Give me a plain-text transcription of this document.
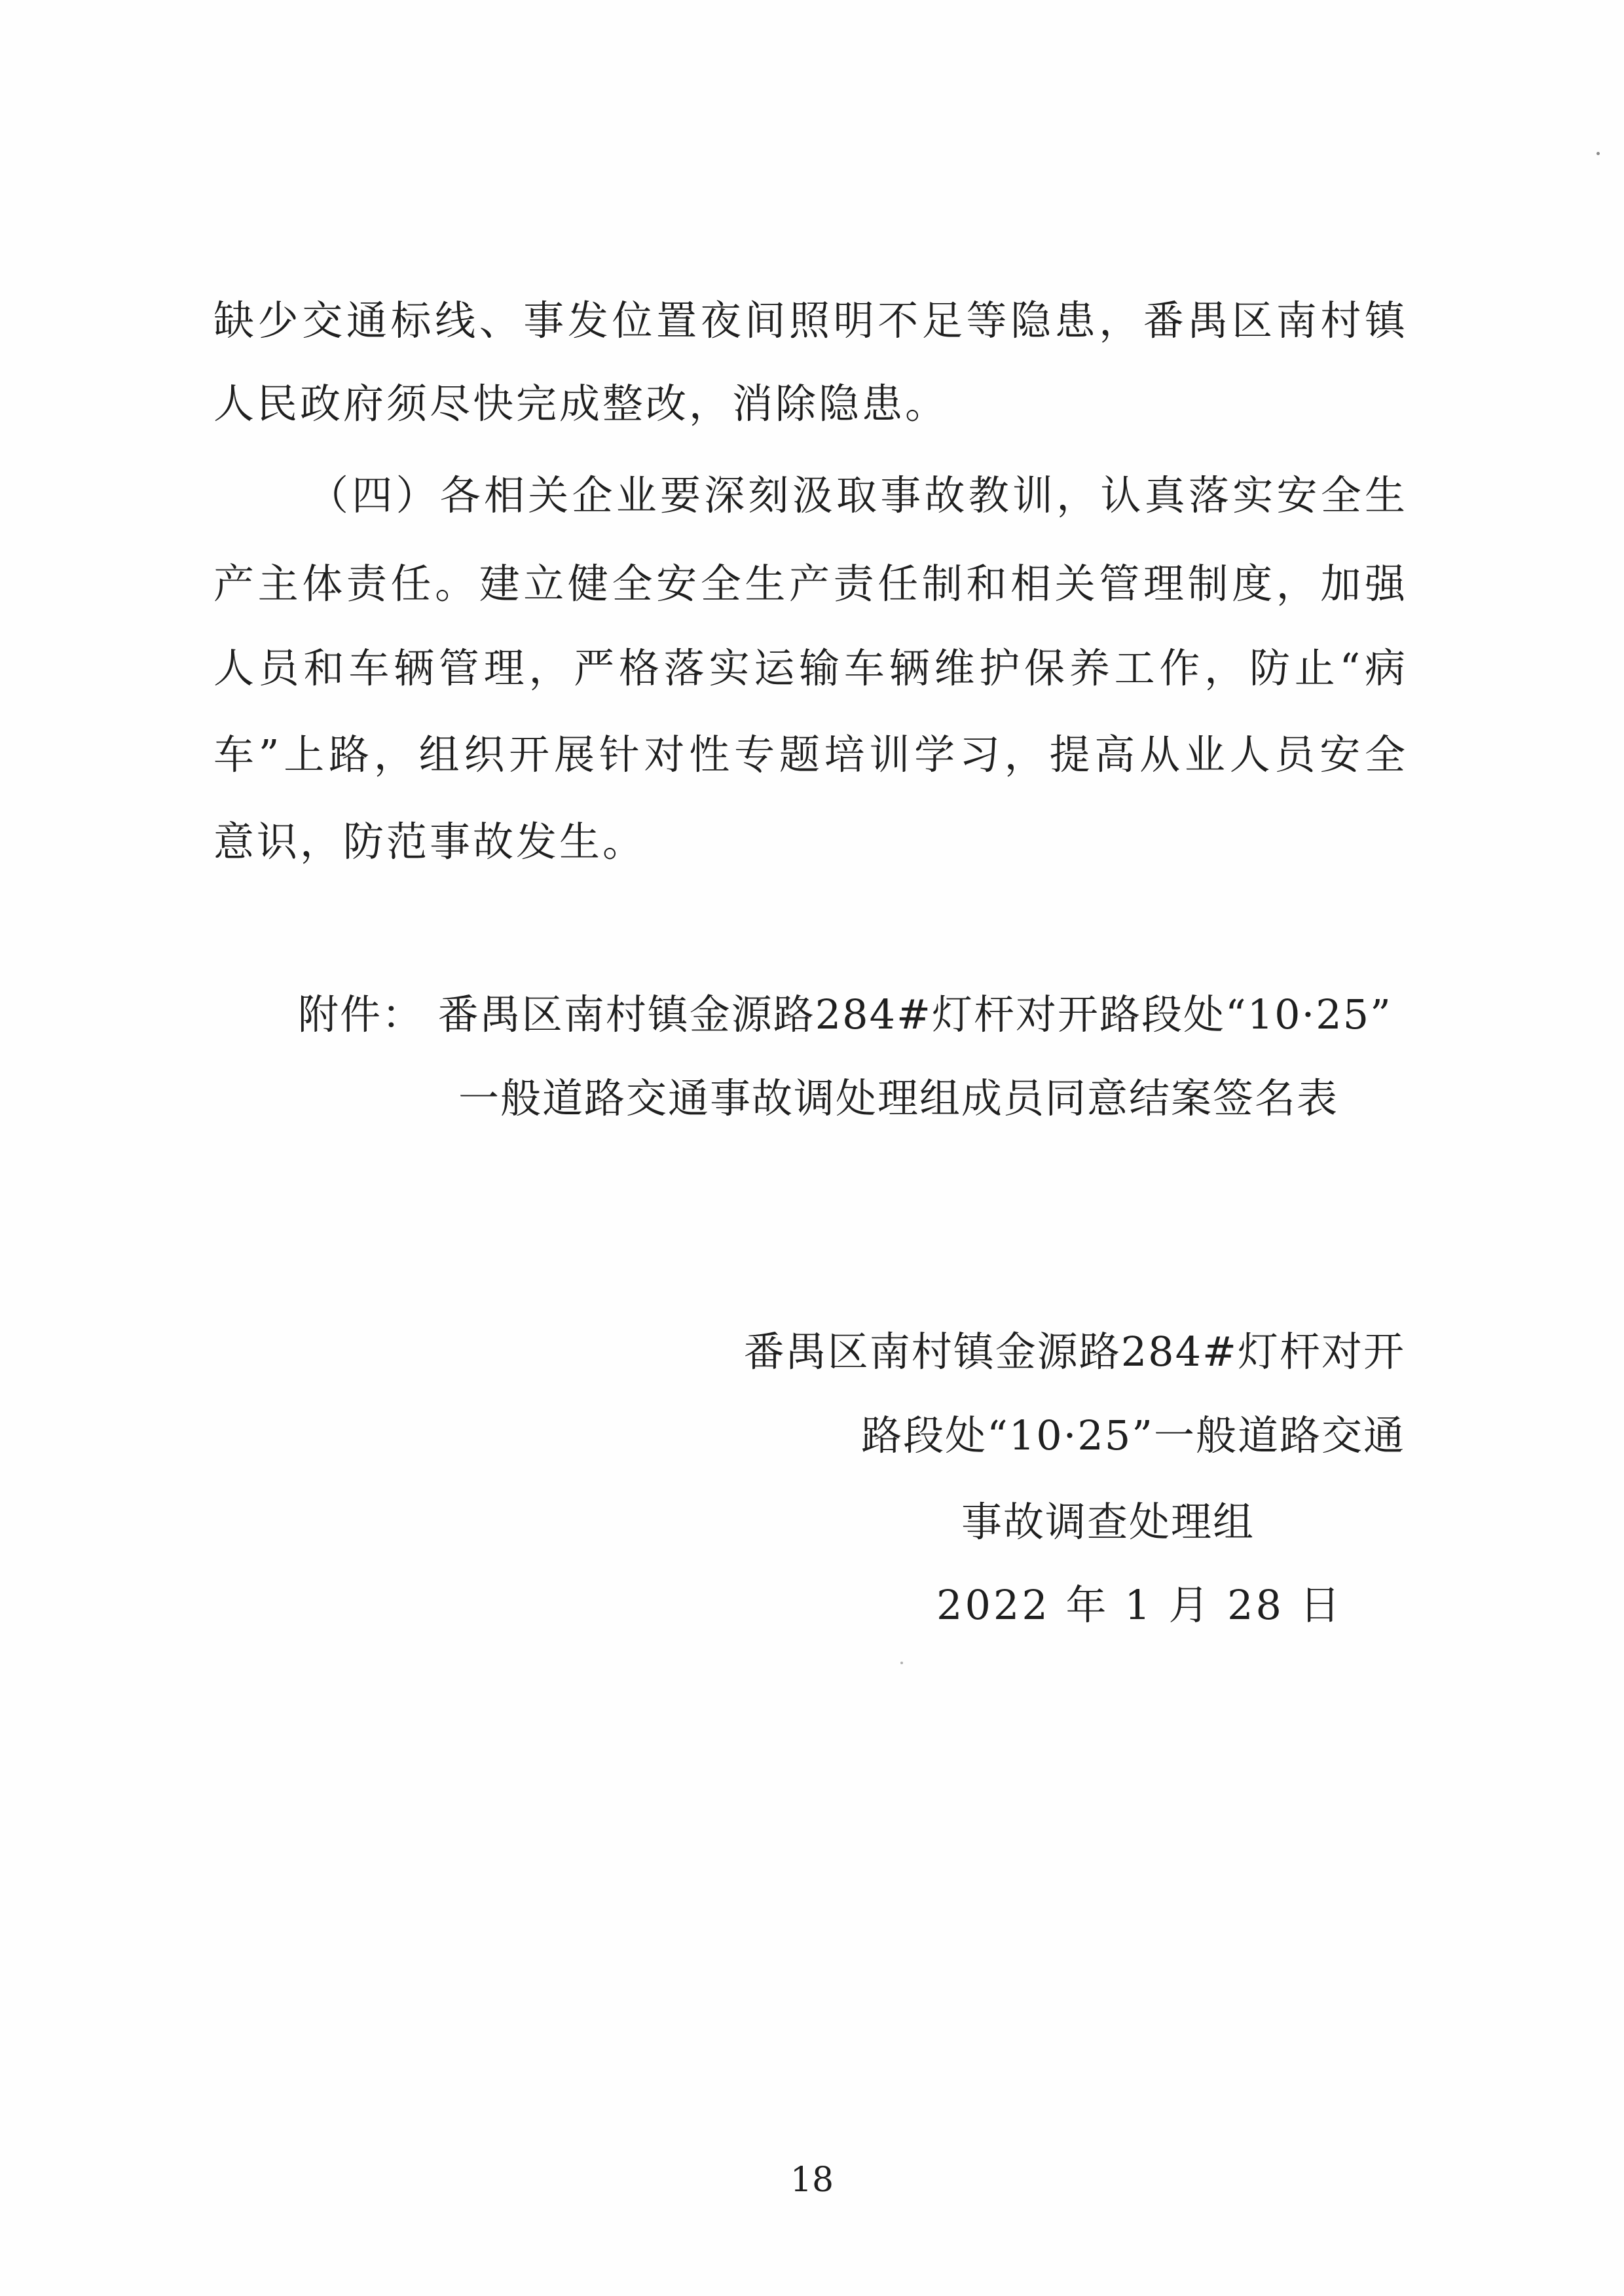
缺少交通标线、事发位置夜间照明不足等隐患，番禺区南村镇
人民政府须尽快完成整改，消除隐患。
（四）各相关企业要深刻汲取事故教训，认真落实安全生
产主体责任。建立健全安全生产责任制和相关管理制度，加强
人员和车辆管理，严格落实运输车辆维护保养工作，防止“病
车”上路，组织开展针对性专题培训学习，提高从业人员安全
意识，防范事故发生。
附件： 番禺区南村镇金源路284#灯杆对开路段处“10·25”
一般道路交通事故调处理组成员同意结案签名表
番禺区南村镇金源路284#灯杆对开
路段处“10·25”一般道路交通
事故调查处理组
2022 年 1 月 28 日
18
